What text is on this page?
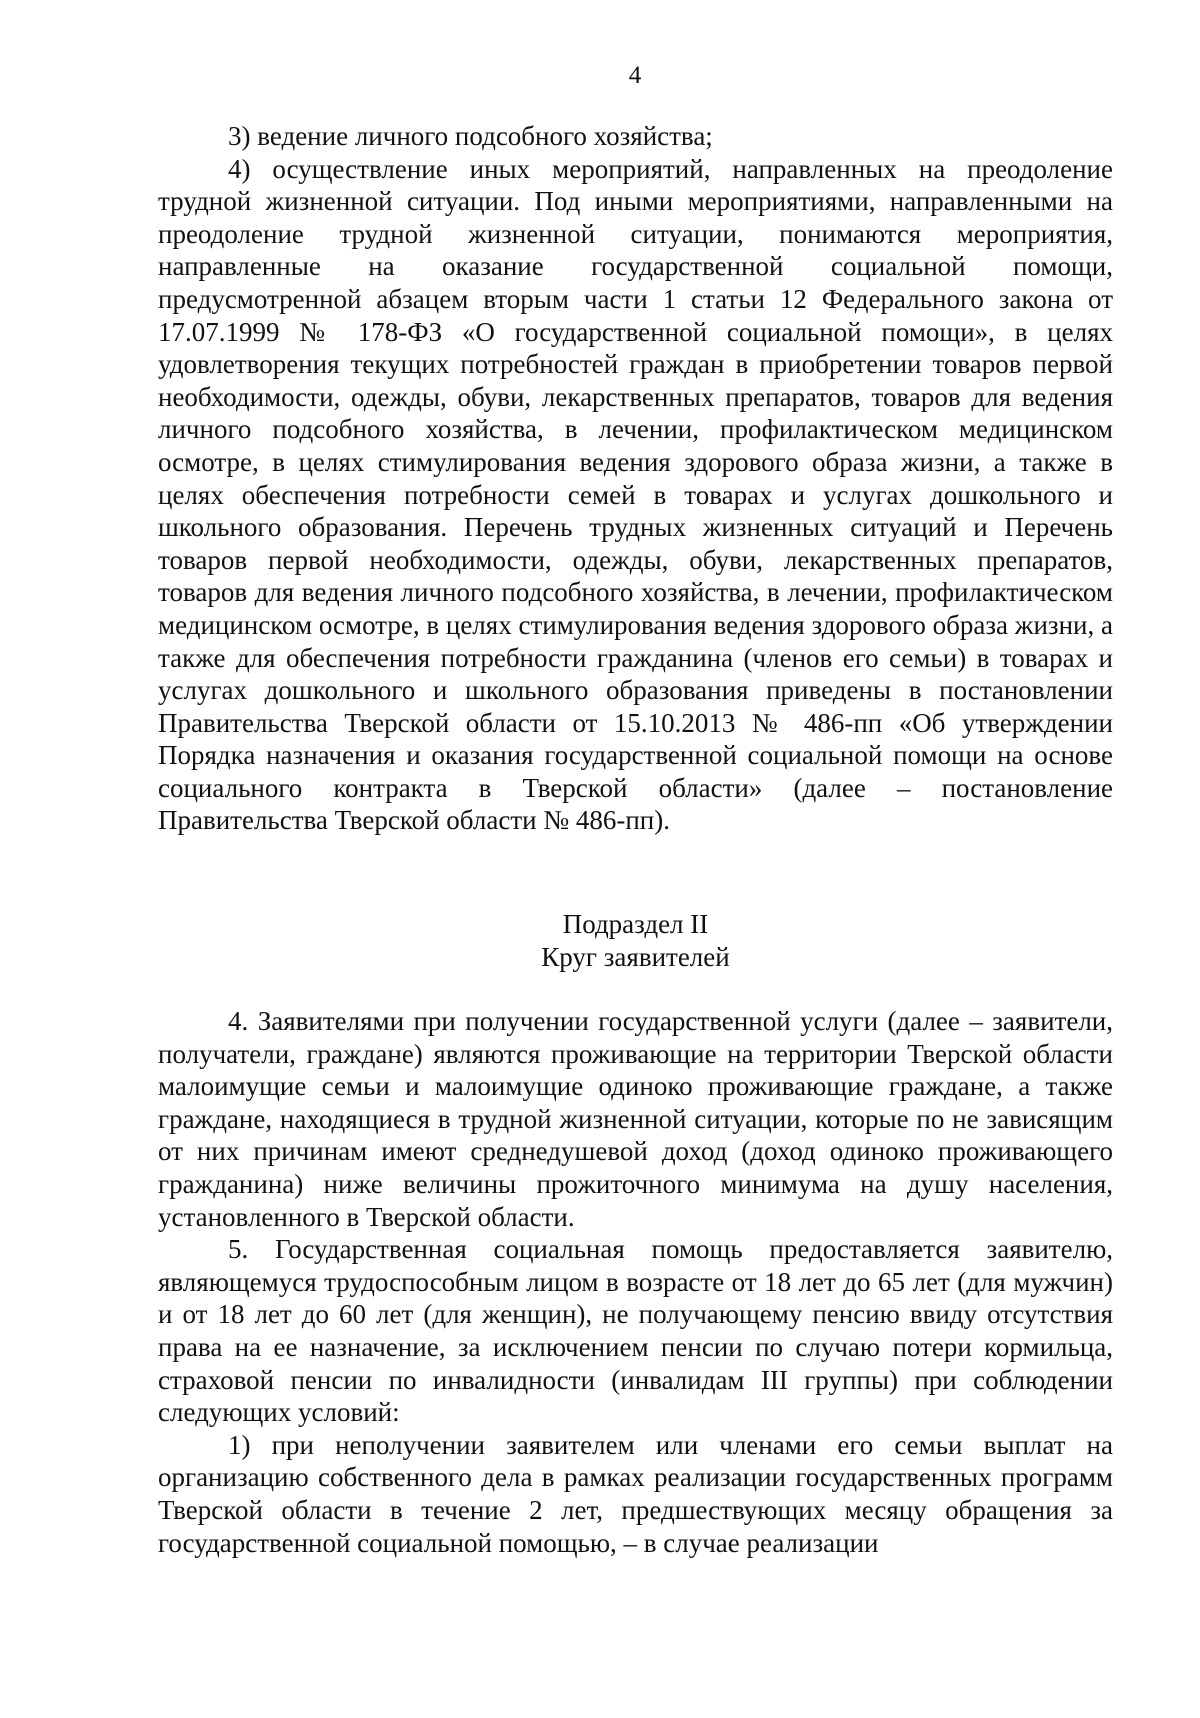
4

3) ведение личного подсобного хозяйства;

4) осуществление иных мероприятий, направленных на преодоление трудной жизненной ситуации. Под иными мероприятиями, направленными на преодоление трудной жизненной ситуации, понимаются мероприятия, направленные на оказание государственной социальной помощи, предусмотренной абзацем вторым части 1 статьи 12 Федерального закона от 17.07.1999 № 178-ФЗ «О государственной социальной помощи», в целях удовлетворения текущих потребностей граждан в приобретении товаров первой необходимости, одежды, обуви, лекарственных препаратов, товаров для ведения личного подсобного хозяйства, в лечении, профилактическом медицинском осмотре, в целях стимулирования ведения здорового образа жизни, а также в целях обеспечения потребности семей в товарах и услугах дошкольного и школьного образования. Перечень трудных жизненных ситуаций и Перечень товаров первой необходимости, одежды, обуви, лекарственных препаратов, товаров для ведения личного подсобного хозяйства, в лечении, профилактическом медицинском осмотре, в целях стимулирования ведения здорового образа жизни, а также для обеспечения потребности гражданина (членов его семьи) в товарах и услугах дошкольного и школьного образования приведены в постановлении Правительства Тверской области от 15.10.2013 № 486-пп «Об утверждении Порядка назначения и оказания государственной социальной помощи на основе социального контракта в Тверской области» (далее – постановление Правительства Тверской области № 486-пп).

Подраздел II
Круг заявителей

4. Заявителями при получении государственной услуги (далее – заявители, получатели, граждане) являются проживающие на территории Тверской области малоимущие семьи и малоимущие одиноко проживающие граждане, а также граждане, находящиеся в трудной жизненной ситуации, которые по не зависящим от них причинам имеют среднедушевой доход (доход одиноко проживающего гражданина) ниже величины прожиточного минимума на душу населения, установленного в Тверской области.

5. Государственная социальная помощь предоставляется заявителю, являющемуся трудоспособным лицом в возрасте от 18 лет до 65 лет (для мужчин) и от 18 лет до 60 лет (для женщин), не получающему пенсию ввиду отсутствия права на ее назначение, за исключением пенсии по случаю потери кормильца, страховой пенсии по инвалидности (инвалидам III группы) при соблюдении следующих условий:

1) при неполучении заявителем или членами его семьи выплат на организацию собственного дела в рамках реализации государственных программ Тверской области в течение 2 лет, предшествующих месяцу обращения за государственной социальной помощью, – в случае реализации
